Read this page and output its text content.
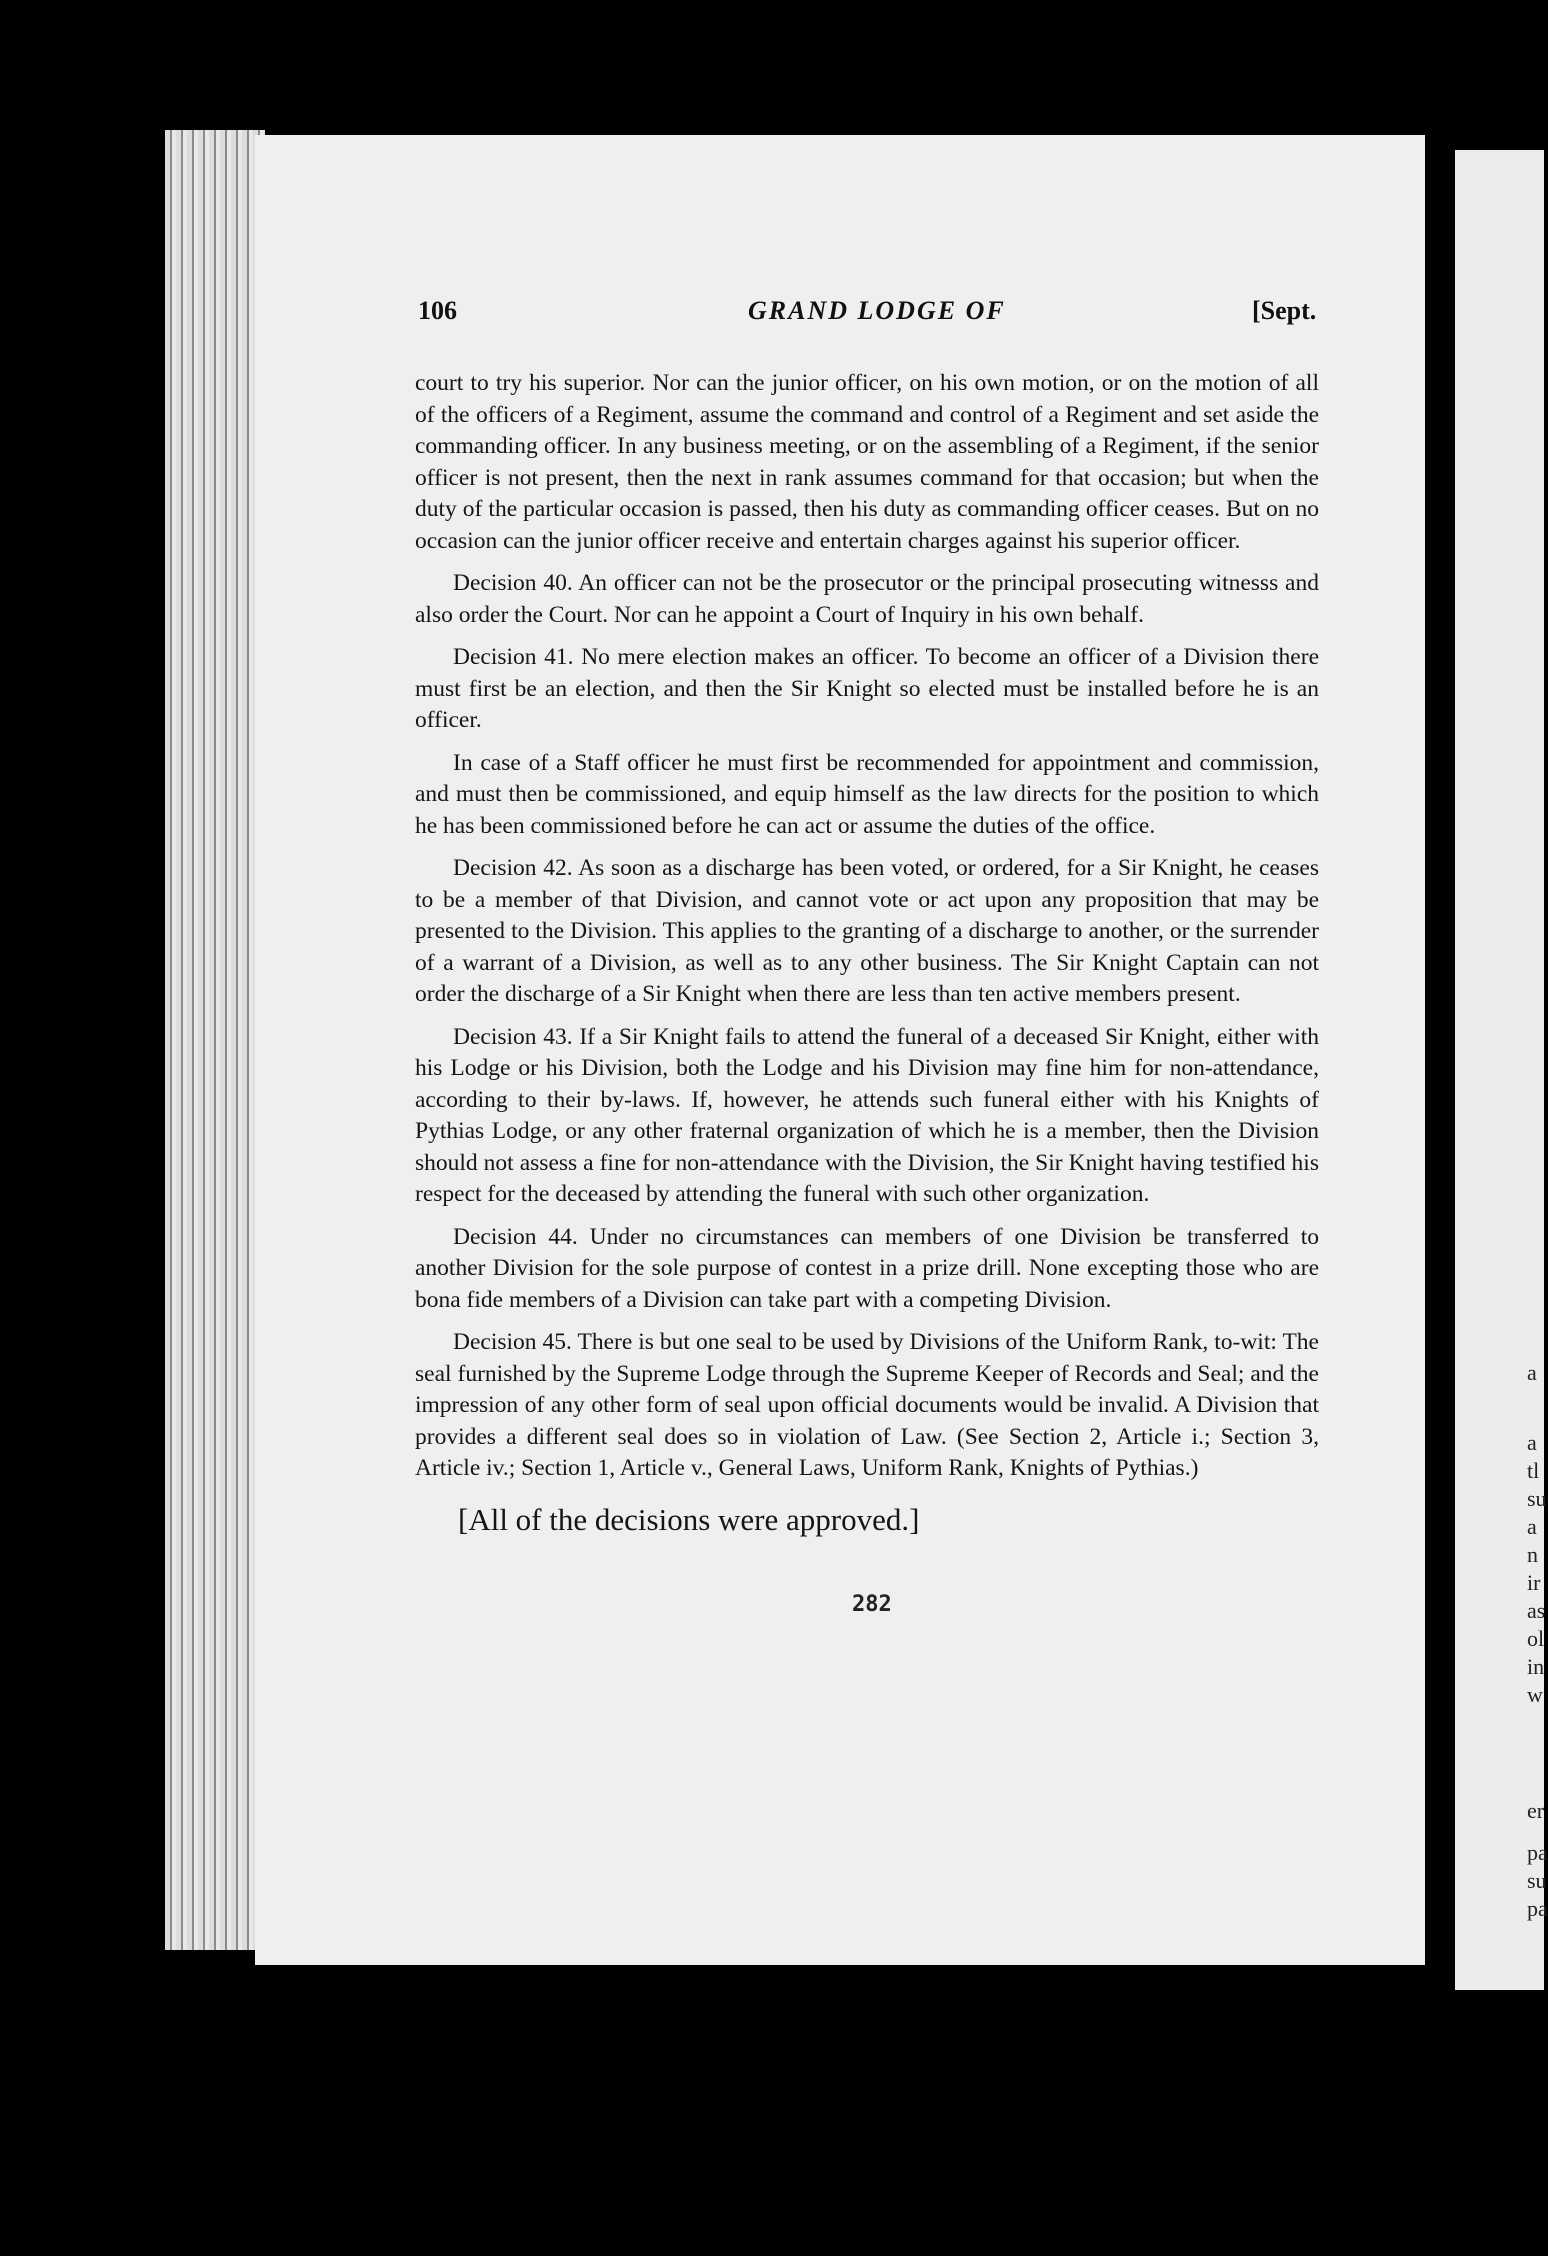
a
a
tl
su
a
n
ir
as
ol
in
w
er
pa
su
pa
106	GRAND LODGE OF	[Sept.

court to try his superior. Nor can the junior officer, on his own motion, or on the motion of all of the officers of a Regiment, assume the command and control of a Regiment and set aside the commanding officer. In any business meeting, or on the assembling of a Regiment, if the senior officer is not present, then the next in rank assumes command for that occasion; but when the duty of the particular occasion is passed, then his duty as commanding officer ceases. But on no occasion can the junior officer receive and entertain charges against his superior officer.

Decision 40. An officer can not be the prosecutor or the principal prosecuting witnesss and also order the Court. Nor can he appoint a Court of Inquiry in his own behalf.

Decision 41. No mere election makes an officer. To become an officer of a Division there must first be an election, and then the Sir Knight so elected must be installed before he is an officer.

In case of a Staff officer he must first be recommended for appointment and commission, and must then be commissioned, and equip himself as the law directs for the position to which he has been commissioned before he can act or assume the duties of the office.

Decision 42. As soon as a discharge has been voted, or ordered, for a Sir Knight, he ceases to be a member of that Division, and cannot vote or act upon any proposition that may be presented to the Division. This applies to the granting of a discharge to another, or the surrender of a warrant of a Division, as well as to any other business. The Sir Knight Captain can not order the discharge of a Sir Knight when there are less than ten active members present.

Decision 43. If a Sir Knight fails to attend the funeral of a deceased Sir Knight, either with his Lodge or his Division, both the Lodge and his Division may fine him for non-attendance, according to their by-laws. If, however, he attends such funeral either with his Knights of Pythias Lodge, or any other fraternal organization of which he is a member, then the Division should not assess a fine for non-attendance with the Division, the Sir Knight having testified his respect for the deceased by attending the funeral with such other organization.

Decision 44. Under no circumstances can members of one Division be transferred to another Division for the sole purpose of contest in a prize drill. None excepting those who are bona fide members of a Division can take part with a competing Division.

Decision 45. There is but one seal to be used by Divisions of the Uniform Rank, to-wit: The seal furnished by the Supreme Lodge through the Supreme Keeper of Records and Seal; and the impression of any other form of seal upon official documents would be invalid. A Division that provides a different seal does so in violation of Law. (See Section 2, Article i.; Section 3, Article iv.; Section 1, Article v., General Laws, Uniform Rank, Knights of Pythias.)

[All of the decisions were approved.]
282
